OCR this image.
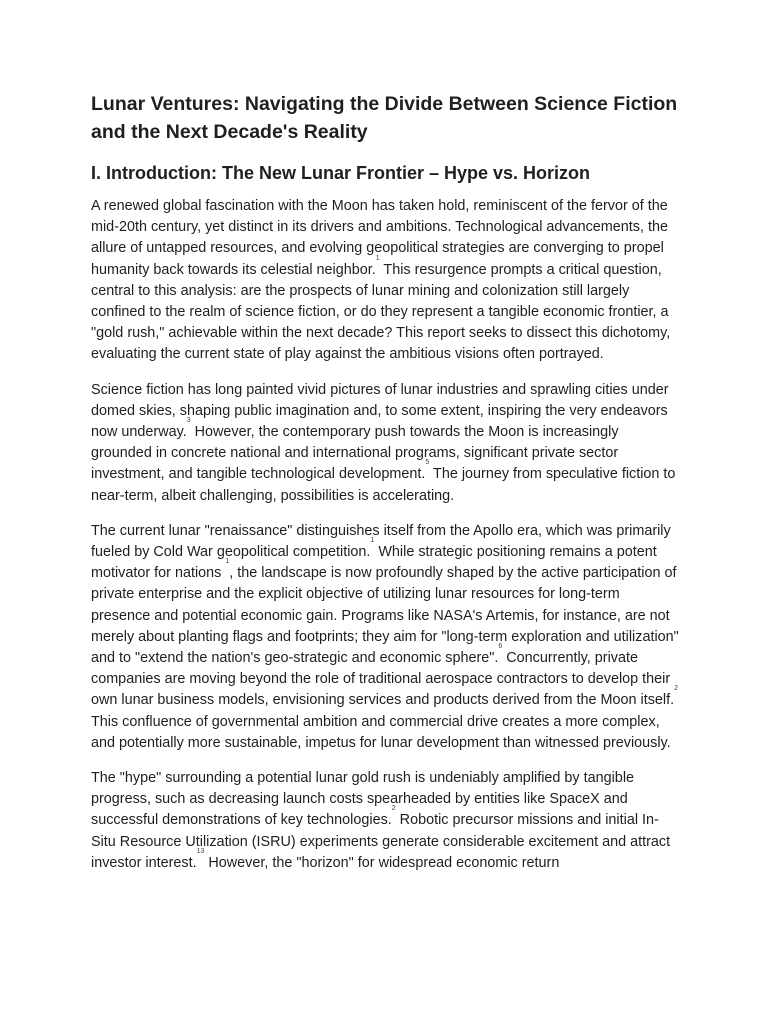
Lunar Ventures: Navigating the Divide Between Science Fiction and the Next Decade's Reality
I. Introduction: The New Lunar Frontier – Hype vs. Horizon

A renewed global fascination with the Moon has taken hold, reminiscent of the fervor of the mid-20th century, yet distinct in its drivers and ambitions. Technological advancements, the allure of untapped resources, and evolving geopolitical strategies are converging to propel humanity back towards its celestial neighbor.$^1$ This resurgence prompts a critical question, central to this analysis: are the prospects of lunar mining and colonization still largely confined to the realm of science fiction, or do they represent a tangible economic frontier, a "gold rush," achievable within the next decade? This report seeks to dissect this dichotomy, evaluating the current state of play against the ambitious visions often portrayed.

Science fiction has long painted vivid pictures of lunar industries and sprawling cities under domed skies, shaping public imagination and, to some extent, inspiring the very endeavors now underway.$^3$ However, the contemporary push towards the Moon is increasingly grounded in concrete national and international programs, significant private sector investment, and tangible technological development.$^5$ The journey from speculative fiction to near-term, albeit challenging, possibilities is accelerating.

The current lunar "renaissance" distinguishes itself from the Apollo era, which was primarily fueled by Cold War geopolitical competition.$^1$ While strategic positioning remains a potent motivator for nations $^1$, the landscape is now profoundly shaped by the active participation of private enterprise and the explicit objective of utilizing lunar resources for long-term presence and potential economic gain. Programs like NASA's Artemis, for instance, are not merely about planting flags and footprints; they aim for "long-term exploration and utilization" and to "extend the nation's geo-strategic and economic sphere".$^6$ Concurrently, private companies are moving beyond the role of traditional aerospace contractors to develop their own lunar business models, envisioning services and products derived from the Moon itself.$^2$ This confluence of governmental ambition and commercial drive creates a more complex, and potentially more sustainable, impetus for lunar development than witnessed previously.

The "hype" surrounding a potential lunar gold rush is undeniably amplified by tangible progress, such as decreasing launch costs spearheaded by entities like SpaceX and successful demonstrations of key technologies.$^2$ Robotic precursor missions and initial In-Situ Resource Utilization (ISRU) experiments generate considerable excitement and attract investor interest.$^{13}$ However, the "horizon" for widespread economic return
